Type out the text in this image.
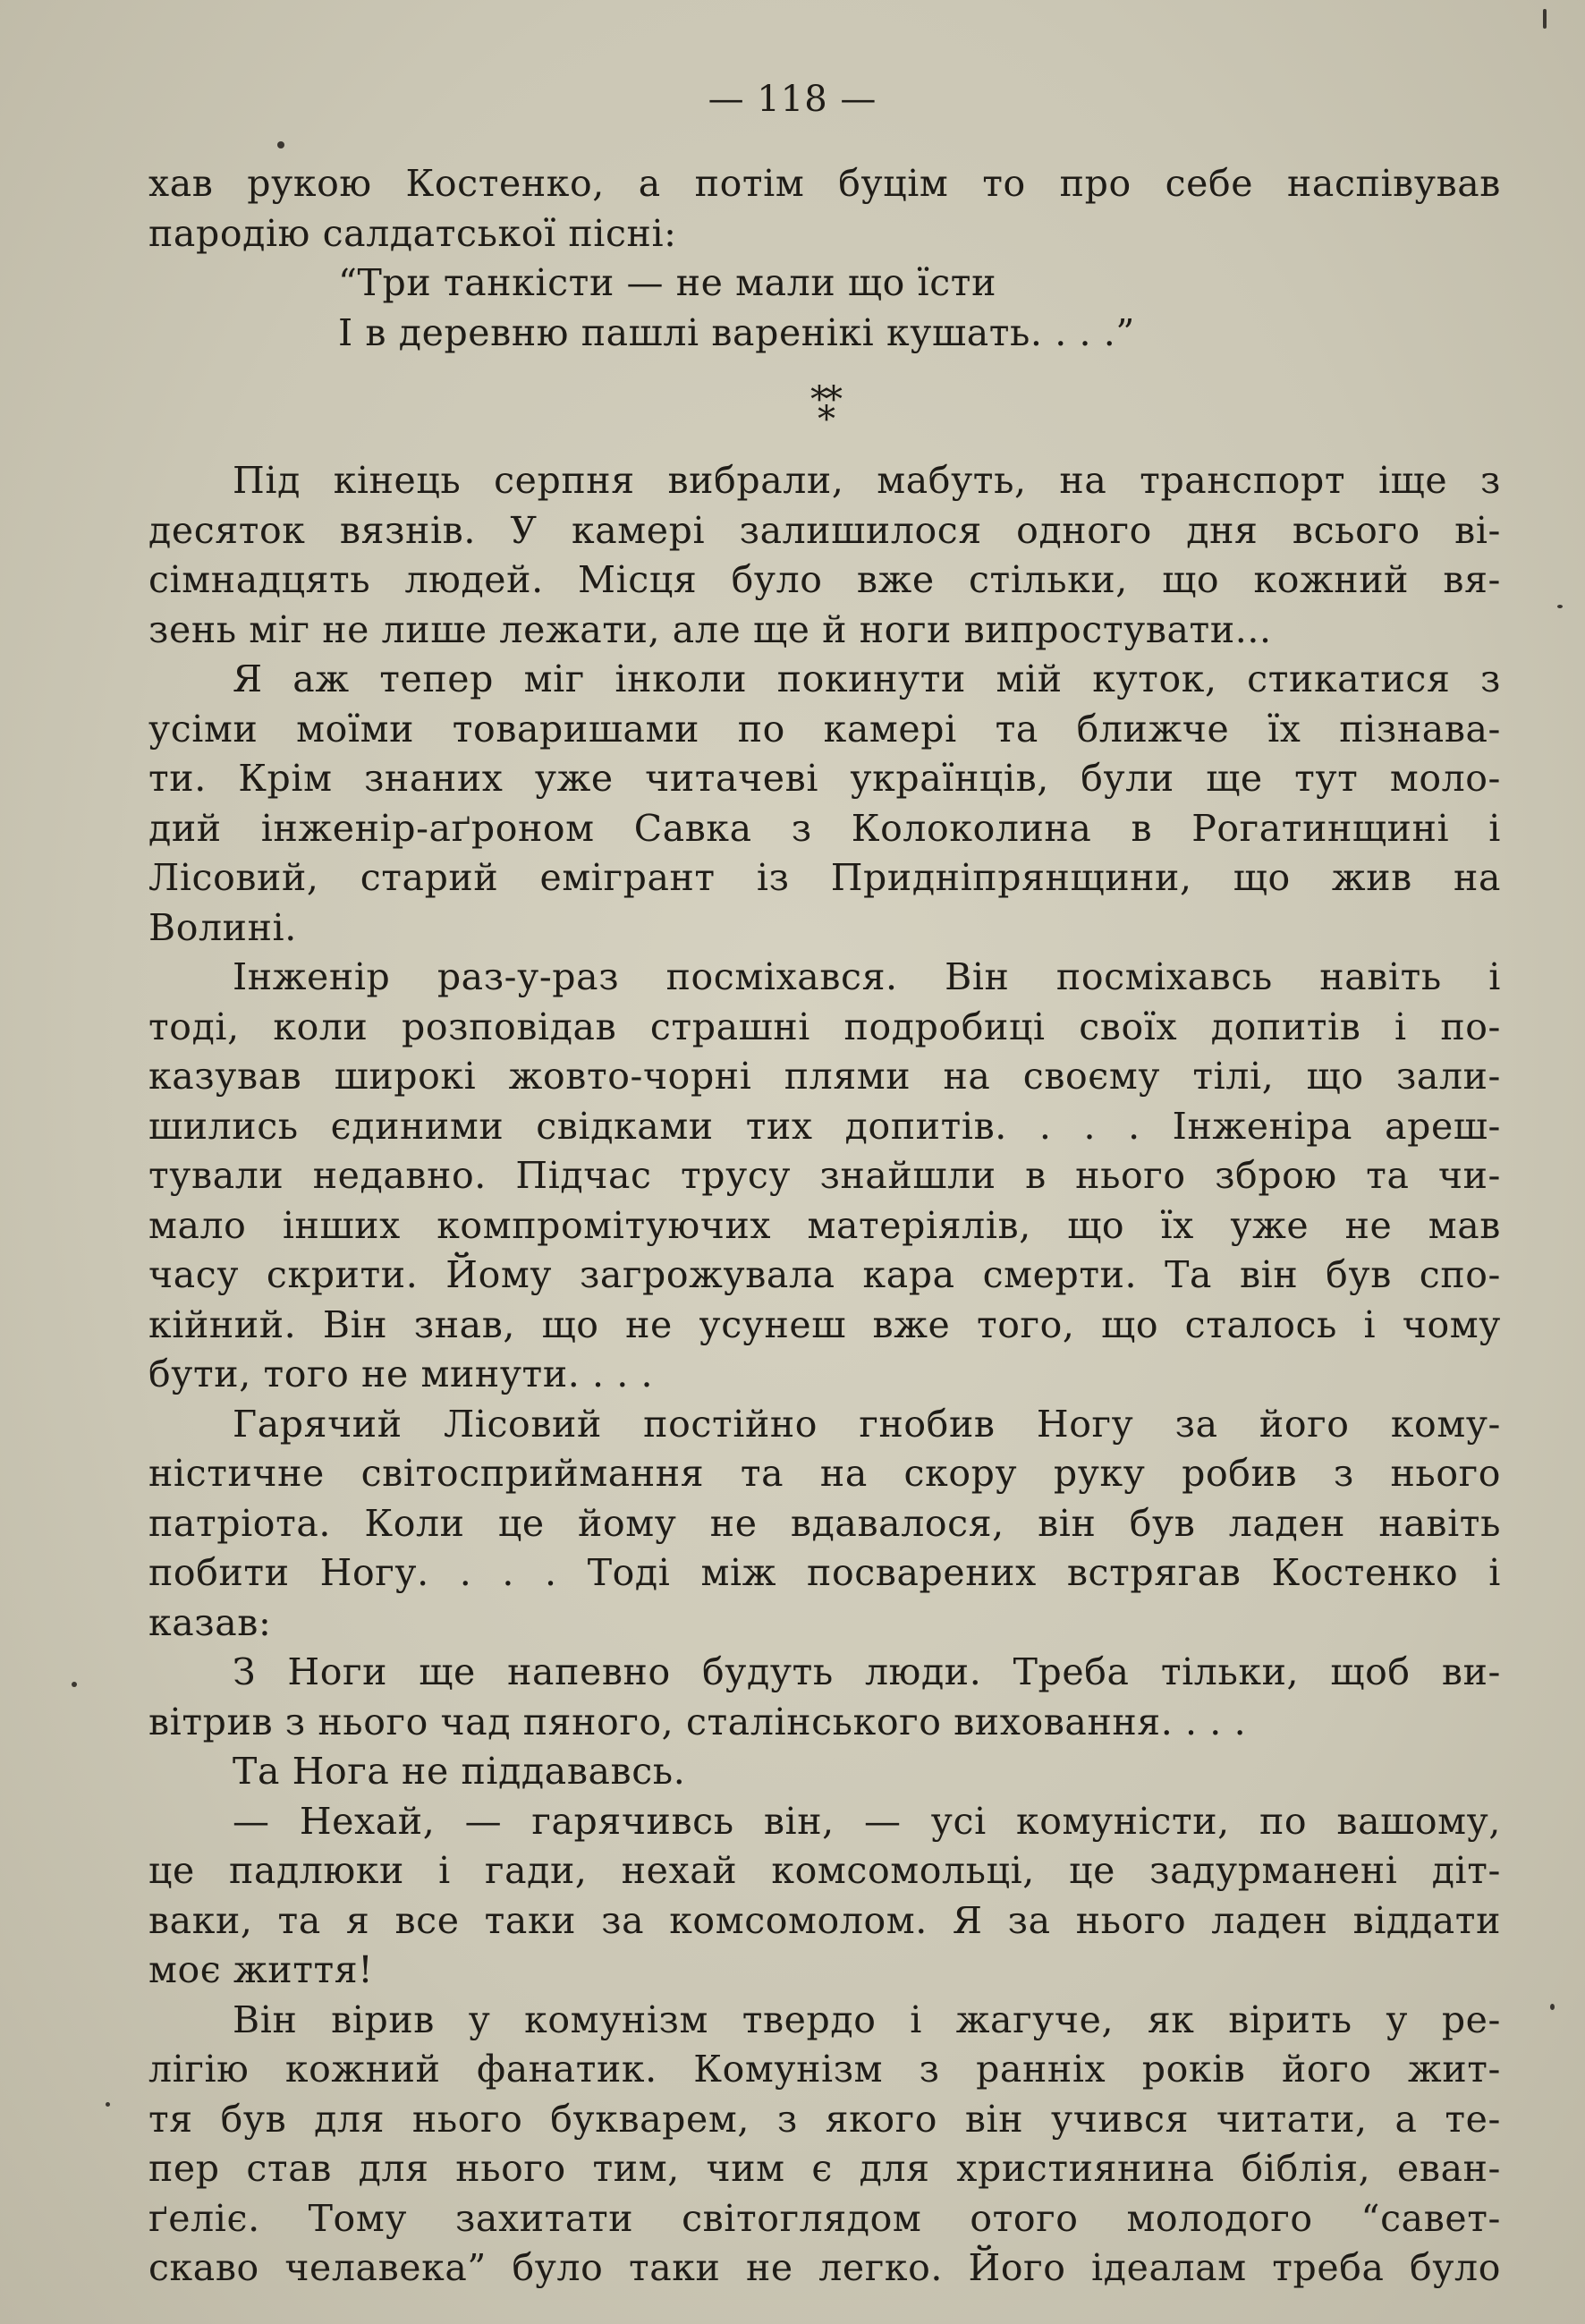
— 118 —
хав рукою Костенко, а потім буцім то про себе наспівував
пародію салдатської пісні:
“Три танкісти — не мали що їсти
І в деревню пашлі варенікі кушать. . . .”
**
*
Під кінець серпня вибрали, мабуть, на транспорт іще з
десяток вязнів. У камері залишилося одного дня всього ві-
сімнадцять людей. Місця було вже стільки, що кожний вя-
зень міг не лише лежати, але ще й ноги випростувати...
Я аж тепер міг інколи покинути мій куток, стикатися з
усіми моїми товаришами по камері та ближче їх пізнава-
ти. Крім знаних уже читачеві українців, були ще тут моло-
дий інженір-аґроном Савка з Колоколина в Рогатинщині і
Лісовий, старий емігрант із Придніпрянщини, що жив на
Волині.
Інженір раз-у-раз посміхався. Він посміхавсь навіть і
тоді, коли розповідав страшні подробиці своїх допитів і по-
казував широкі жовто-чорні плями на своєму тілі, що зали-
шились єдиними свідками тих допитів. . . . Інженіра ареш-
тували недавно. Підчас трусу знайшли в нього зброю та чи-
мало інших компромітуючих матеріялів, що їх уже не мав
часу скрити. Йому загрожувала кара смерти. Та він був спо-
кійний. Він знав, що не усунеш вже того, що сталось і чому
бути, того не минути. . . .
Гарячий Лісовий постійно гнобив Ногу за його кому-
ністичне світосприймання та на скору руку робив з нього
патріота. Коли це йому не вдавалося, він був ладен навіть
побити Ногу. . . . Тоді між посварених встрягав Костенко і
казав:
З Ноги ще напевно будуть люди. Треба тільки, щоб ви-
вітрив з нього чад пяного, сталінського виховання. . . .
Та Нога не піддававсь.
— Нехай, — гарячивсь він, — усі комуністи, по вашому,
це падлюки і гади, нехай комсомольці, це задурманені діт-
ваки, та я все таки за комсомолом. Я за нього ладен віддати
моє життя!
Він вірив у комунізм твердо і жагуче, як вірить у ре-
лігію кожний фанатик. Комунізм з ранніх років його жит-
тя був для нього букварем, з якого він учився читати, а те-
пер став для нього тим, чим є для християнина біблія, еван-
ґеліє. Тому захитати світоглядом отого молодого “савет-
скаво челавека” було таки не легко. Його ідеалам треба було
